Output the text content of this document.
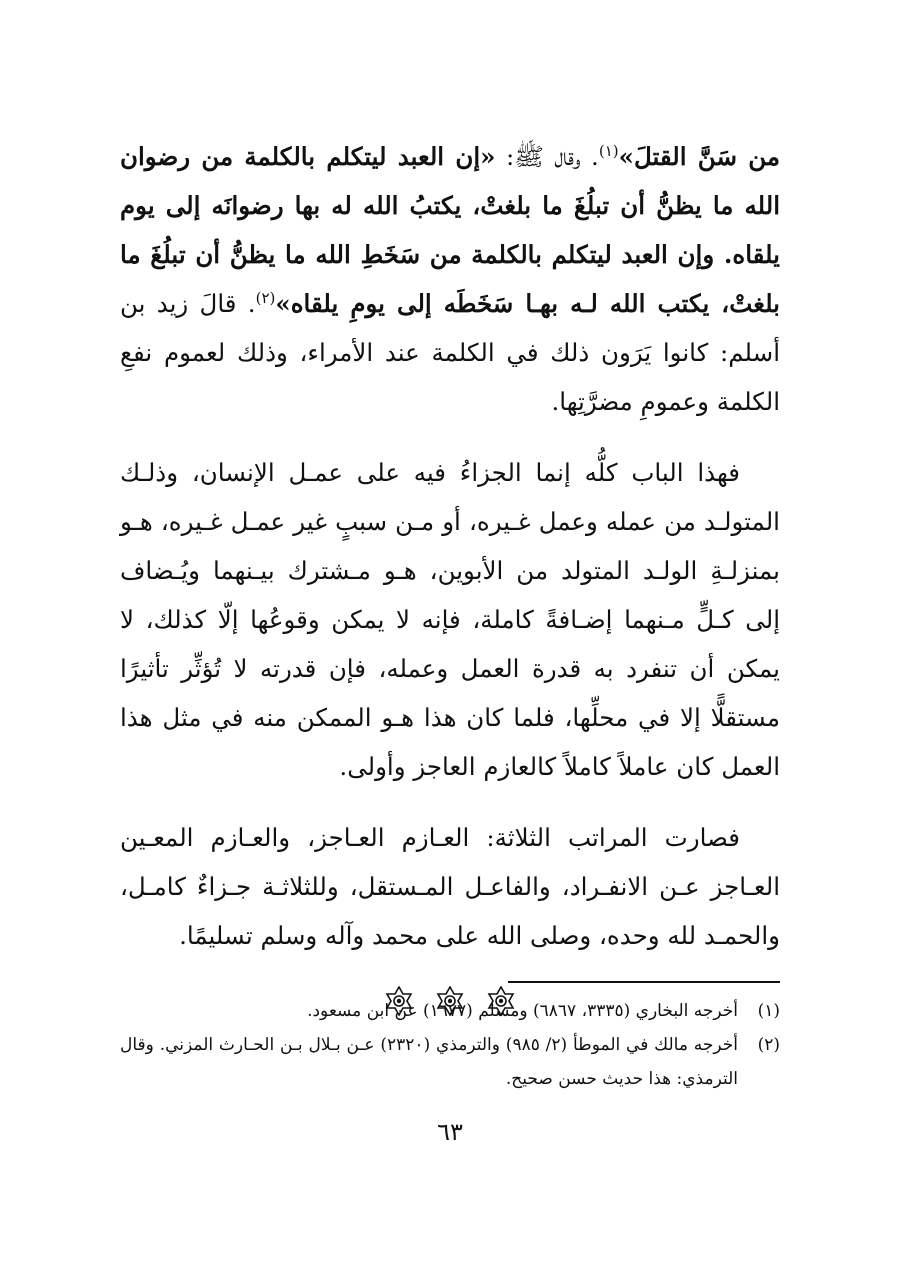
من سَنَّ القتلَ»$^{(١)}$. وقال ﷺ: «إن العبد ليتكلم بالكلمة من رضوان الله ما يظنُّ أن تبلُغَ ما بلغتْ، يكتبُ الله له بها رضوانَه إلى يوم يلقاه. وإن العبد ليتكلم بالكلمة من سَخَطِ الله ما يظنُّ أن تبلُغَ ما بلغتْ، يكتب الله لـه بهـا سَخَطَه إلى يومِ يلقاه»$^{(٢)}$. قالَ زيد بن أسلم: كانوا يَرَون ذلك في الكلمة عند الأمراء، وذلك لعموم نفعِ الكلمة وعمومِ مضرَّتِها.

فهذا الباب كلُّه إنما الجزاءُ فيه على عمـل الإنسان، وذلـك المتولـد من عمله وعمل غـيره، أو مـن سببٍ غير عمـل غـيره، هـو بمنزلـةِ الولـد المتولد من الأبوين، هـو مـشترك بيـنهما ويُـضاف إلى كـلٍّ مـنهما إضـافةً كاملة، فإنه لا يمكن وقوعُها إلّا كذلك، لا يمكن أن تنفرد به قدرة العمل وعمله، فإن قدرته لا تُؤثِّر تأثيرًا مستقلًّا إلا في محلِّها، فلما كان هذا هـو الممكن منه في مثل هذا العمل كان عاملاً كاملاً كالعازم العاجز وأولى.

فصارت المراتب الثلاثة: العـازم العـاجز، والعـازم المعـين العـاجز عـن الانفـراد، والفاعـل المـستقل، وللثلاثـة جـزاءٌ كامـل، والحمـد لله وحده، وصلى الله على محمد وآله وسلم تسليمًا.

(١)
أخرجه البخاري (٣٣٣٥، ٦٨٦٧) ومسلم (١٦٧٧) عن ابن مسعود.

(٢)
أخرجه مالك في الموطأ (٢/ ٩٨٥) والترمذي (٢٣٢٠) عـن بـلال بـن الحـارث المزني. وقال الترمذي: هذا حديث حسن صحيح.

٦٣
